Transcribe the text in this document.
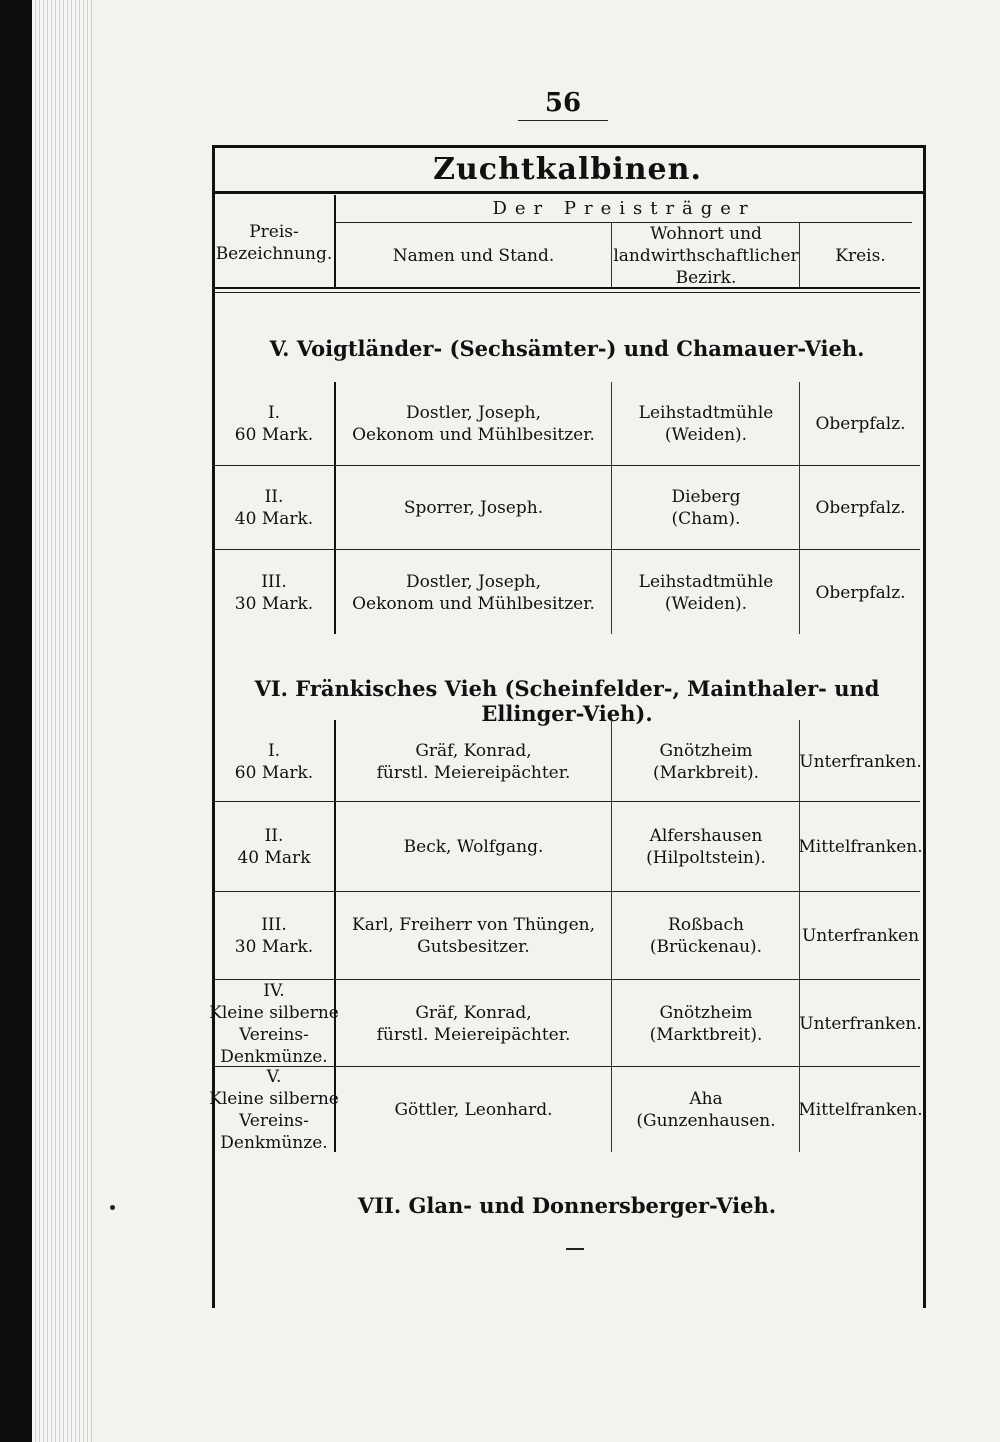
56
Zuchtkalbinen.
Preis-
Bezeichnung.
Der Preisträger
Namen und Stand.
Wohnort und
landwirthschaftlicher
Bezirk.
Kreis.
V. Voigtländer- (Sechsämter-) und Chamauer-Vieh.
I.
60 Mark.
Dostler, Joseph,
Oekonom und Mühlbesitzer.
Leihstadtmühle
(Weiden).
Oberpfalz.
II.
40 Mark.
Sporrer, Joseph.
Dieberg
(Cham).
Oberpfalz.
III.
30 Mark.
Dostler, Joseph,
Oekonom und Mühlbesitzer.
Leihstadtmühle
(Weiden).
Oberpfalz.
VI. Fränkisches Vieh (Scheinfelder-, Mainthaler- und Ellinger-Vieh).
I.
60 Mark.
Gräf, Konrad,
fürstl. Meiereipächter.
Gnötzheim
(Markbreit).
Unterfranken.
II.
40 Mark
Beck, Wolfgang.
Alfershausen
(Hilpoltstein).
Mittelfranken.
III.
30 Mark.
Karl, Freiherr von Thüngen,
Gutsbesitzer.
Roßbach
(Brückenau).
Unterfranken
IV.
Kleine silberne
Vereins-
Denkmünze.
Gräf, Konrad,
fürstl. Meiereipächter.
Gnötzheim
(Marktbreit).
Unterfranken.
V.
Kleine silberne
Vereins-
Denkmünze.
Göttler, Leonhard.
Aha
(Gunzenhausen.
Mittelfranken.
VII. Glan- und Donnersberger-Vieh.
